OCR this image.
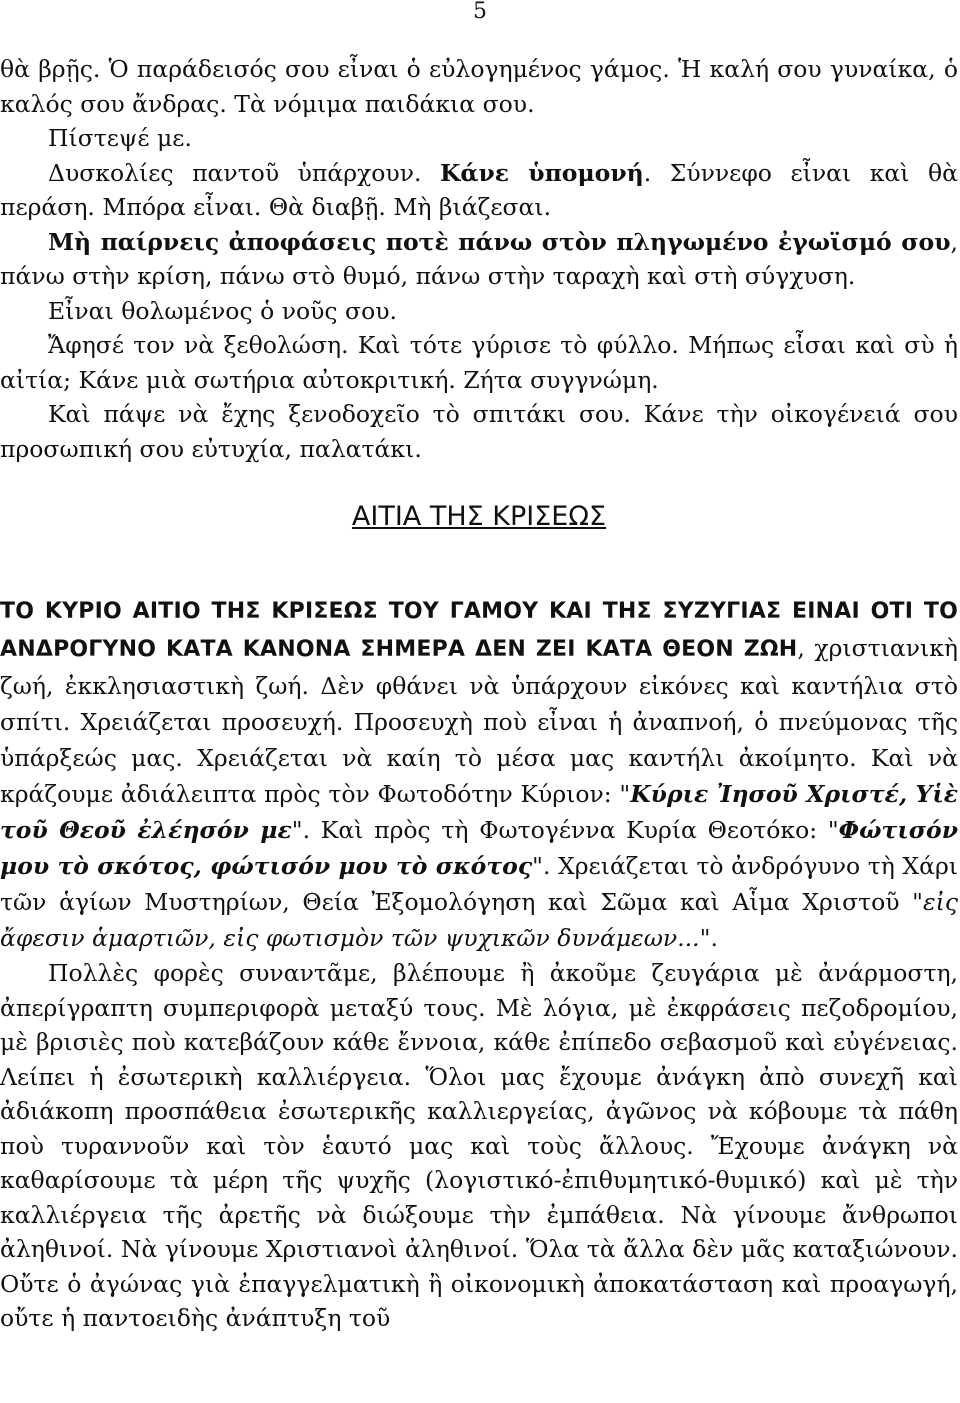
5

θὰ βρῇς. Ὁ παράδεισός σου εἶναι ὁ εὐλογημένος γάμος. Ἡ καλή σου γυναίκα, ὁ καλός σου ἄνδρας. Τὰ νόμιμα παιδάκια σου.

Πίστεψέ με.

Δυσκολίες παντοῦ ὑπάρχουν. Κάνε ὑπομονή. Σύννεφο εἶναι καὶ θὰ περάση. Μπόρα εἶναι. Θὰ διαβῇ. Μὴ βιάζεσαι.

Μὴ παίρνεις ἀποφάσεις ποτὲ πάνω στὸν πληγωμένο ἐγωϊσμό σου, πάνω στὴν κρίση, πάνω στὸ θυμό, πάνω στὴν ταραχὴ καὶ στὴ σύγχυση.

Εἶναι θολωμένος ὁ νοῦς σου.

Ἄφησέ τον νὰ ξεθολώση. Καὶ τότε γύρισε τὸ φύλλο. Μήπως εἶσαι καὶ σὺ ἡ αἰτία; Κάνε μιὰ σωτήρια αὐτοκριτική. Ζήτα συγγνώμη.

Καὶ πάψε νὰ ἔχης ξενοδοχεῖο τὸ σπιτάκι σου. Κάνε τὴν οἰκογένειά σου προσωπική σου εὐτυχία, παλατάκι.

ΑΙΤΙΑ ΤΗΣ ΚΡΙΣΕΩΣ

ΤΟ ΚΥΡΙΟ ΑΙΤΙΟ ΤΗΣ ΚΡΙΣΕΩΣ ΤΟΥ ΓΑΜΟΥ ΚΑΙ ΤΗΣ ΣΥΖΥΓΙΑΣ ΕΙΝΑΙ ΟΤΙ ΤΟ ΑΝΔΡΟΓΥΝΟ ΚΑΤΑ ΚΑΝΟΝΑ ΣΗΜΕΡΑ ΔΕΝ ΖΕΙ ΚΑΤΑ ΘΕΟΝ ΖΩΗ, χριστιανικὴ ζωή, ἐκκλησιαστικὴ ζωή. Δὲν φθάνει νὰ ὑπάρχουν εἰκόνες καὶ καντήλια στὸ σπίτι. Χρειάζεται προσευχή. Προσευχὴ ποὺ εἶναι ἡ ἀναπνοή, ὁ πνεύμονας τῆς ὑπάρξεώς μας. Χρειάζεται νὰ καίη τὸ μέσα μας καντήλι ἀκοίμητο. Καὶ νὰ κράζουμε ἀδιάλειπτα πρὸς τὸν Φωτοδότην Κύριον: "Κύριε Ἰησοῦ Χριστέ, Υἱὲ τοῦ Θεοῦ ἐλέησόν με". Καὶ πρὸς τὴ Φωτογέννα Κυρία Θεοτόκο: "Φώτισόν μου τὸ σκότος, φώτισόν μου τὸ σκότος". Χρειάζεται τὸ ἀνδρόγυνο τὴ Χάρι τῶν ἁγίων Μυστηρίων, Θεία Ἐξομολόγηση καὶ Σῶμα καὶ Αἷμα Χριστοῦ "εἰς ἄφεσιν ἁμαρτιῶν, εἰς φωτισμὸν τῶν ψυχικῶν δυνάμεων...".

Πολλὲς φορὲς συναντᾶμε, βλέπουμε ἢ ἀκοῦμε ζευγάρια μὲ ἀνάρμοστη, ἀπερίγραπτη συμπεριφορὰ μεταξύ τους. Μὲ λόγια, μὲ ἐκφράσεις πεζοδρομίου, μὲ βρισιὲς ποὺ κατεβάζουν κάθε ἔννοια, κάθε ἐπίπεδο σεβασμοῦ καὶ εὐγένειας. Λείπει ἡ ἐσωτερικὴ καλλιέργεια. Ὅλοι μας ἔχουμε ἀνάγκη ἀπὸ συνεχῆ καὶ ἀδιάκοπη προσπάθεια ἐσωτερικῆς καλλιεργείας, ἀγῶνος νὰ κόβουμε τὰ πάθη ποὺ τυραννοῦν καὶ τὸν ἑαυτό μας καὶ τοὺς ἄλλους. Ἔχουμε ἀνάγκη νὰ καθαρίσουμε τὰ μέρη τῆς ψυχῆς (λογιστικό-ἐπιθυμητικό-θυμικό) καὶ μὲ τὴν καλλιέργεια τῆς ἀρετῆς νὰ διώξουμε τὴν ἐμπάθεια. Νὰ γίνουμε ἄνθρωποι ἀληθινοί. Νὰ γίνουμε Χριστιανοὶ ἀληθινοί. Ὅλα τὰ ἄλλα δὲν μᾶς καταξιώνουν. Οὔτε ὁ ἀγώνας γιὰ ἐπαγγελματικὴ ἢ οἰκονομικὴ ἀποκατάσταση καὶ προαγωγή, οὔτε ἡ παντοειδὴς ἀνάπτυξη τοῦ
